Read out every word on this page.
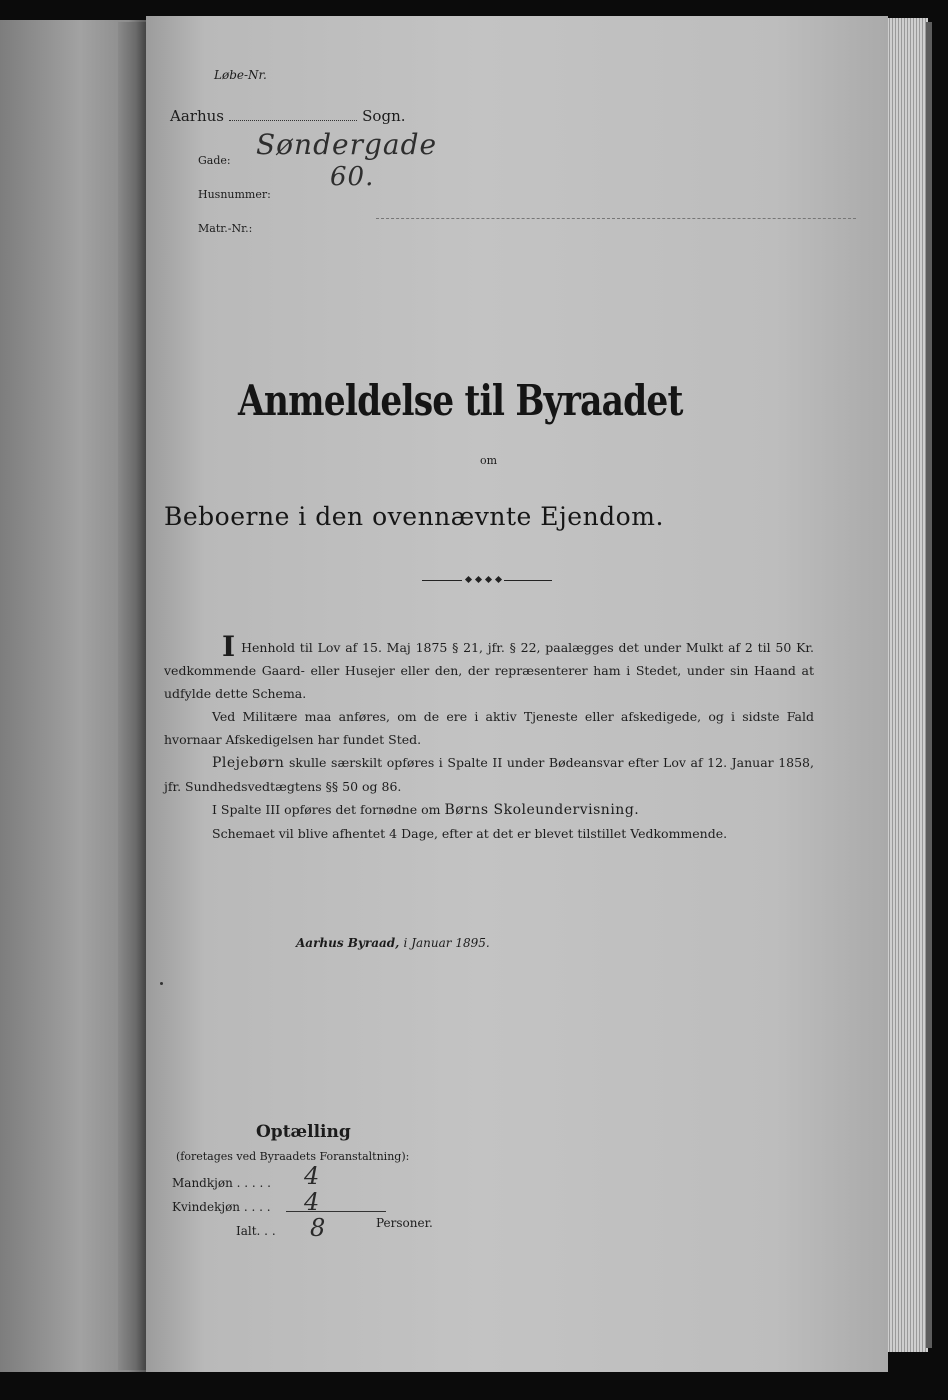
Løbe-Nr.
Aarhus	Sogn.
Gade: Søndergade
Husnummer:
60.
Matr.-Nr.:
Anmeldelse til Byraadet
om
Beboerne i den ovennævnte Ejendom.

I Henhold til Lov af 15. Maj 1875 § 21, jfr. § 22, paalægges det under Mulkt af 2 til 50 Kr. vedkommende Gaard- eller Husejer eller den, der repræsenterer ham i Stedet, under sin Haand at udfylde dette Schema.

Ved Militære maa anføres, om de ere i aktiv Tjeneste eller afskedigede, og i sidste Fald hvornaar Afskedigelsen har fundet Sted.

Plejebørn skulle særskilt opføres i Spalte II under Bødeansvar efter Lov af 12. Januar 1858, jfr. Sundhedsvedtægtens §§ 50 og 86.

I Spalte III opføres det fornødne om Børns Skoleundervisning.

Schemaet vil blive afhentet 4 Dage, efter at det er blevet tilstillet Vedkommende.

Aarhus Byraad, i Januar 1895.
Optælling
(foretages ved Byraadets Foranstaltning):
Mandkjøn . . . . . 4
Kvindekjøn . . . . 4
Ialt. . . 8	Personer.
